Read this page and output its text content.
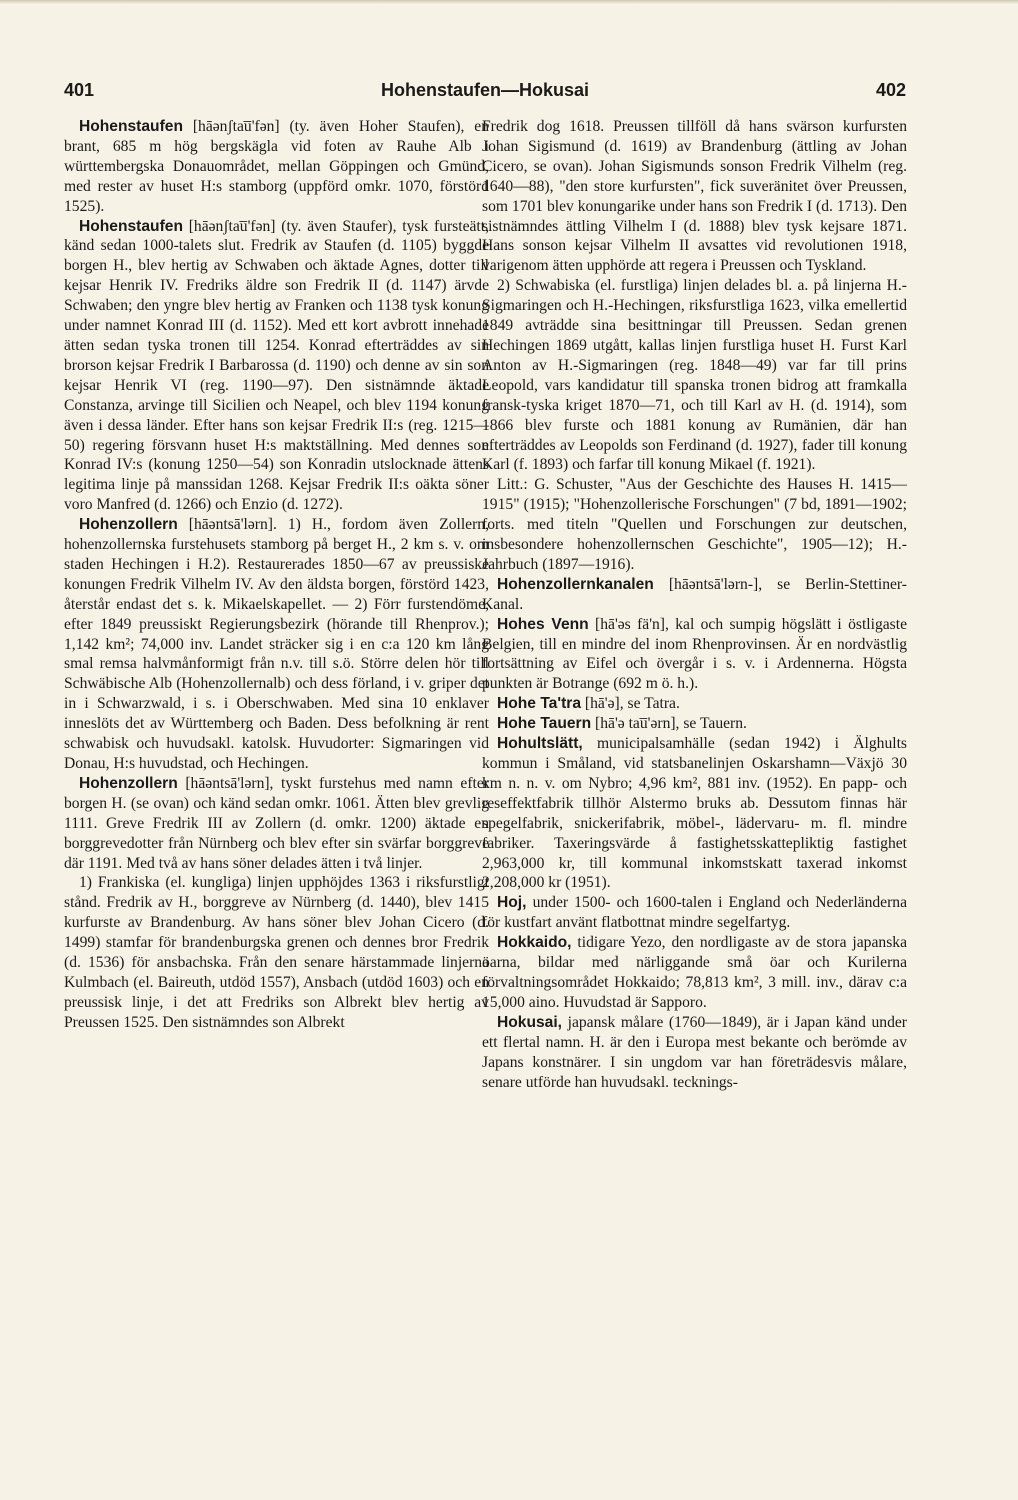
401	Hohenstaufen—Hokusai	402

Hohenstaufen [hāənʃtau̅'fən] (ty. även Hoher Staufen), en brant, 685 m hög bergskägla vid foten av Rauhe Alb i württembergska Donauområdet, mellan Göppingen och Gmünd, med rester av huset H:s stamborg (uppförd omkr. 1070, förstörd 1525).

Hohenstaufen [hāənʃtau̅'fən] (ty. även Staufer), tysk fursteätt, känd sedan 1000-talets slut. Fredrik av Staufen (d. 1105) byggde borgen H., blev hertig av Schwaben och äktade Agnes, dotter till kejsar Henrik IV. Fredriks äldre son Fredrik II (d. 1147) ärvde Schwaben; den yngre blev hertig av Franken och 1138 tysk konung under namnet Konrad III (d. 1152). Med ett kort avbrott innehade ätten sedan tyska tronen till 1254. Konrad efterträddes av sin brorson kejsar Fredrik I Barbarossa (d. 1190) och denne av sin son kejsar Henrik VI (reg. 1190—97). Den sistnämnde äktade Constanza, arvinge till Sicilien och Neapel, och blev 1194 konung även i dessa länder. Efter hans son kejsar Fredrik II:s (reg. 1215—50) regering försvann huset H:s maktställning. Med dennes son Konrad IV:s (konung 1250—54) son Konradin utslocknade ättens legitima linje på manssidan 1268. Kejsar Fredrik II:s oäkta söner voro Manfred (d. 1266) och Enzio (d. 1272).

Hohenzollern [hāəntsā'lərn]. 1) H., fordom även Zollern, hohenzollernska furstehusets stamborg på berget H., 2 km s. v. om staden Hechingen i H.2). Restaurerades 1850—67 av preussiske konungen Fredrik Vilhelm IV. Av den äldsta borgen, förstörd 1423, återstår endast det s. k. Mikaelskapellet. — 2) Förr furstendöme, efter 1849 preussiskt Regierungsbezirk (hörande till Rhenprov.); 1,142 km²; 74,000 inv. Landet sträcker sig i en c:a 120 km lång smal remsa halvmånformigt från n.v. till s.ö. Större delen hör till Schwäbische Alb (Hohenzollernalb) och dess förland, i v. griper det in i Schwarzwald, i s. i Oberschwaben. Med sina 10 enklaver inneslöts det av Württemberg och Baden. Dess befolkning är rent schwabisk och huvudsakl. katolsk. Huvudorter: Sigmaringen vid Donau, H:s huvudstad, och Hechingen.

Hohenzollern [hāəntsā'lərn], tyskt furstehus med namn efter borgen H. (se ovan) och känd sedan omkr. 1061. Ätten blev grevlig 1111. Greve Fredrik III av Zollern (d. omkr. 1200) äktade en borggrevedotter från Nürnberg och blev efter sin svärfar borggreve där 1191. Med två av hans söner delades ätten i två linjer.

1) Frankiska (el. kungliga) linjen upphöjdes 1363 i riksfurstligt stånd. Fredrik av H., borggreve av Nürnberg (d. 1440), blev 1415 kurfurste av Brandenburg. Av hans söner blev Johan Cicero (d. 1499) stamfar för brandenburgska grenen och dennes bror Fredrik (d. 1536) för ansbachska. Från den senare härstammade linjerna Kulmbach (el. Baireuth, utdöd 1557), Ansbach (utdöd 1603) och en preussisk linje, i det att Fredriks son Albrekt blev hertig av Preussen 1525. Den sistnämndes son Albrekt

Fredrik dog 1618. Preussen tillföll då hans svärson kurfursten Johan Sigismund (d. 1619) av Brandenburg (ättling av Johan Cicero, se ovan). Johan Sigismunds sonson Fredrik Vilhelm (reg. 1640—88), "den store kurfursten", fick suveränitet över Preussen, som 1701 blev konungarike under hans son Fredrik I (d. 1713). Den sistnämndes ättling Vilhelm I (d. 1888) blev tysk kejsare 1871. Hans sonson kejsar Vilhelm II avsattes vid revolutionen 1918, varigenom ätten upphörde att regera i Preussen och Tyskland.

2) Schwabiska (el. furstliga) linjen delades bl. a. på linjerna H.-Sigmaringen och H.-Hechingen, riksfurstliga 1623, vilka emellertid 1849 avträdde sina besittningar till Preussen. Sedan grenen Hechingen 1869 utgått, kallas linjen furstliga huset H. Furst Karl Anton av H.-Sigmaringen (reg. 1848—49) var far till prins Leopold, vars kandidatur till spanska tronen bidrog att framkalla fransk-tyska kriget 1870—71, och till Karl av H. (d. 1914), som 1866 blev furste och 1881 konung av Rumänien, där han efterträddes av Leopolds son Ferdinand (d. 1927), fader till konung Karl (f. 1893) och farfar till konung Mikael (f. 1921).

Litt.: G. Schuster, "Aus der Geschichte des Hauses H. 1415—1915" (1915); "Hohenzollerische Forschungen" (7 bd, 1891—1902; forts. med titeln "Quellen und Forschungen zur deutschen, insbesondere hohenzollernschen Geschichte", 1905—12); H.-Jahrbuch (1897—1916).

Hohenzollernkanalen [hāəntsā'lərn-], se Berlin-Stettiner-Kanal.

Hohes Venn [hā'əs fä'n], kal och sumpig högslätt i östligaste Belgien, till en mindre del inom Rhenprovinsen. Är en nordvästlig fortsättning av Eifel och övergår i s. v. i Ardennerna. Högsta punkten är Botrange (692 m ö. h.).

Hohe Ta'tra [hā'ə], se Tatra.

Hohe Tauern [hā'ə tau̅'ərn], se Tauern.

Hohultslätt, municipalsamhälle (sedan 1942) i Älghults kommun i Småland, vid statsbanelinjen Oskarshamn—Växjö 30 km n. n. v. om Nybro; 4,96 km², 881 inv. (1952). En papp- och reseffektfabrik tillhör Alstermo bruks ab. Dessutom finnas här spegelfabrik, snickerifabrik, möbel-, lädervaru- m. fl. mindre fabriker. Taxeringsvärde å fastighetsskattepliktig fastighet 2,963,000 kr, till kommunal inkomstskatt taxerad inkomst 2,208,000 kr (1951).

Hoj, under 1500- och 1600-talen i England och Nederländerna för kustfart använt flatbottnat mindre segelfartyg.

Hokkaido, tidigare Yezo, den nordligaste av de stora japanska öarna, bildar med närliggande små öar och Kurilerna förvaltningsområdet Hokkaido; 78,813 km², 3 mill. inv., därav c:a 15,000 aino. Huvudstad är Sapporo.

Hokusai, japansk målare (1760—1849), är i Japan känd under ett flertal namn. H. är den i Europa mest bekante och berömde av Japans konstnärer. I sin ungdom var han företrädesvis målare, senare utförde han huvudsakl. tecknings-
